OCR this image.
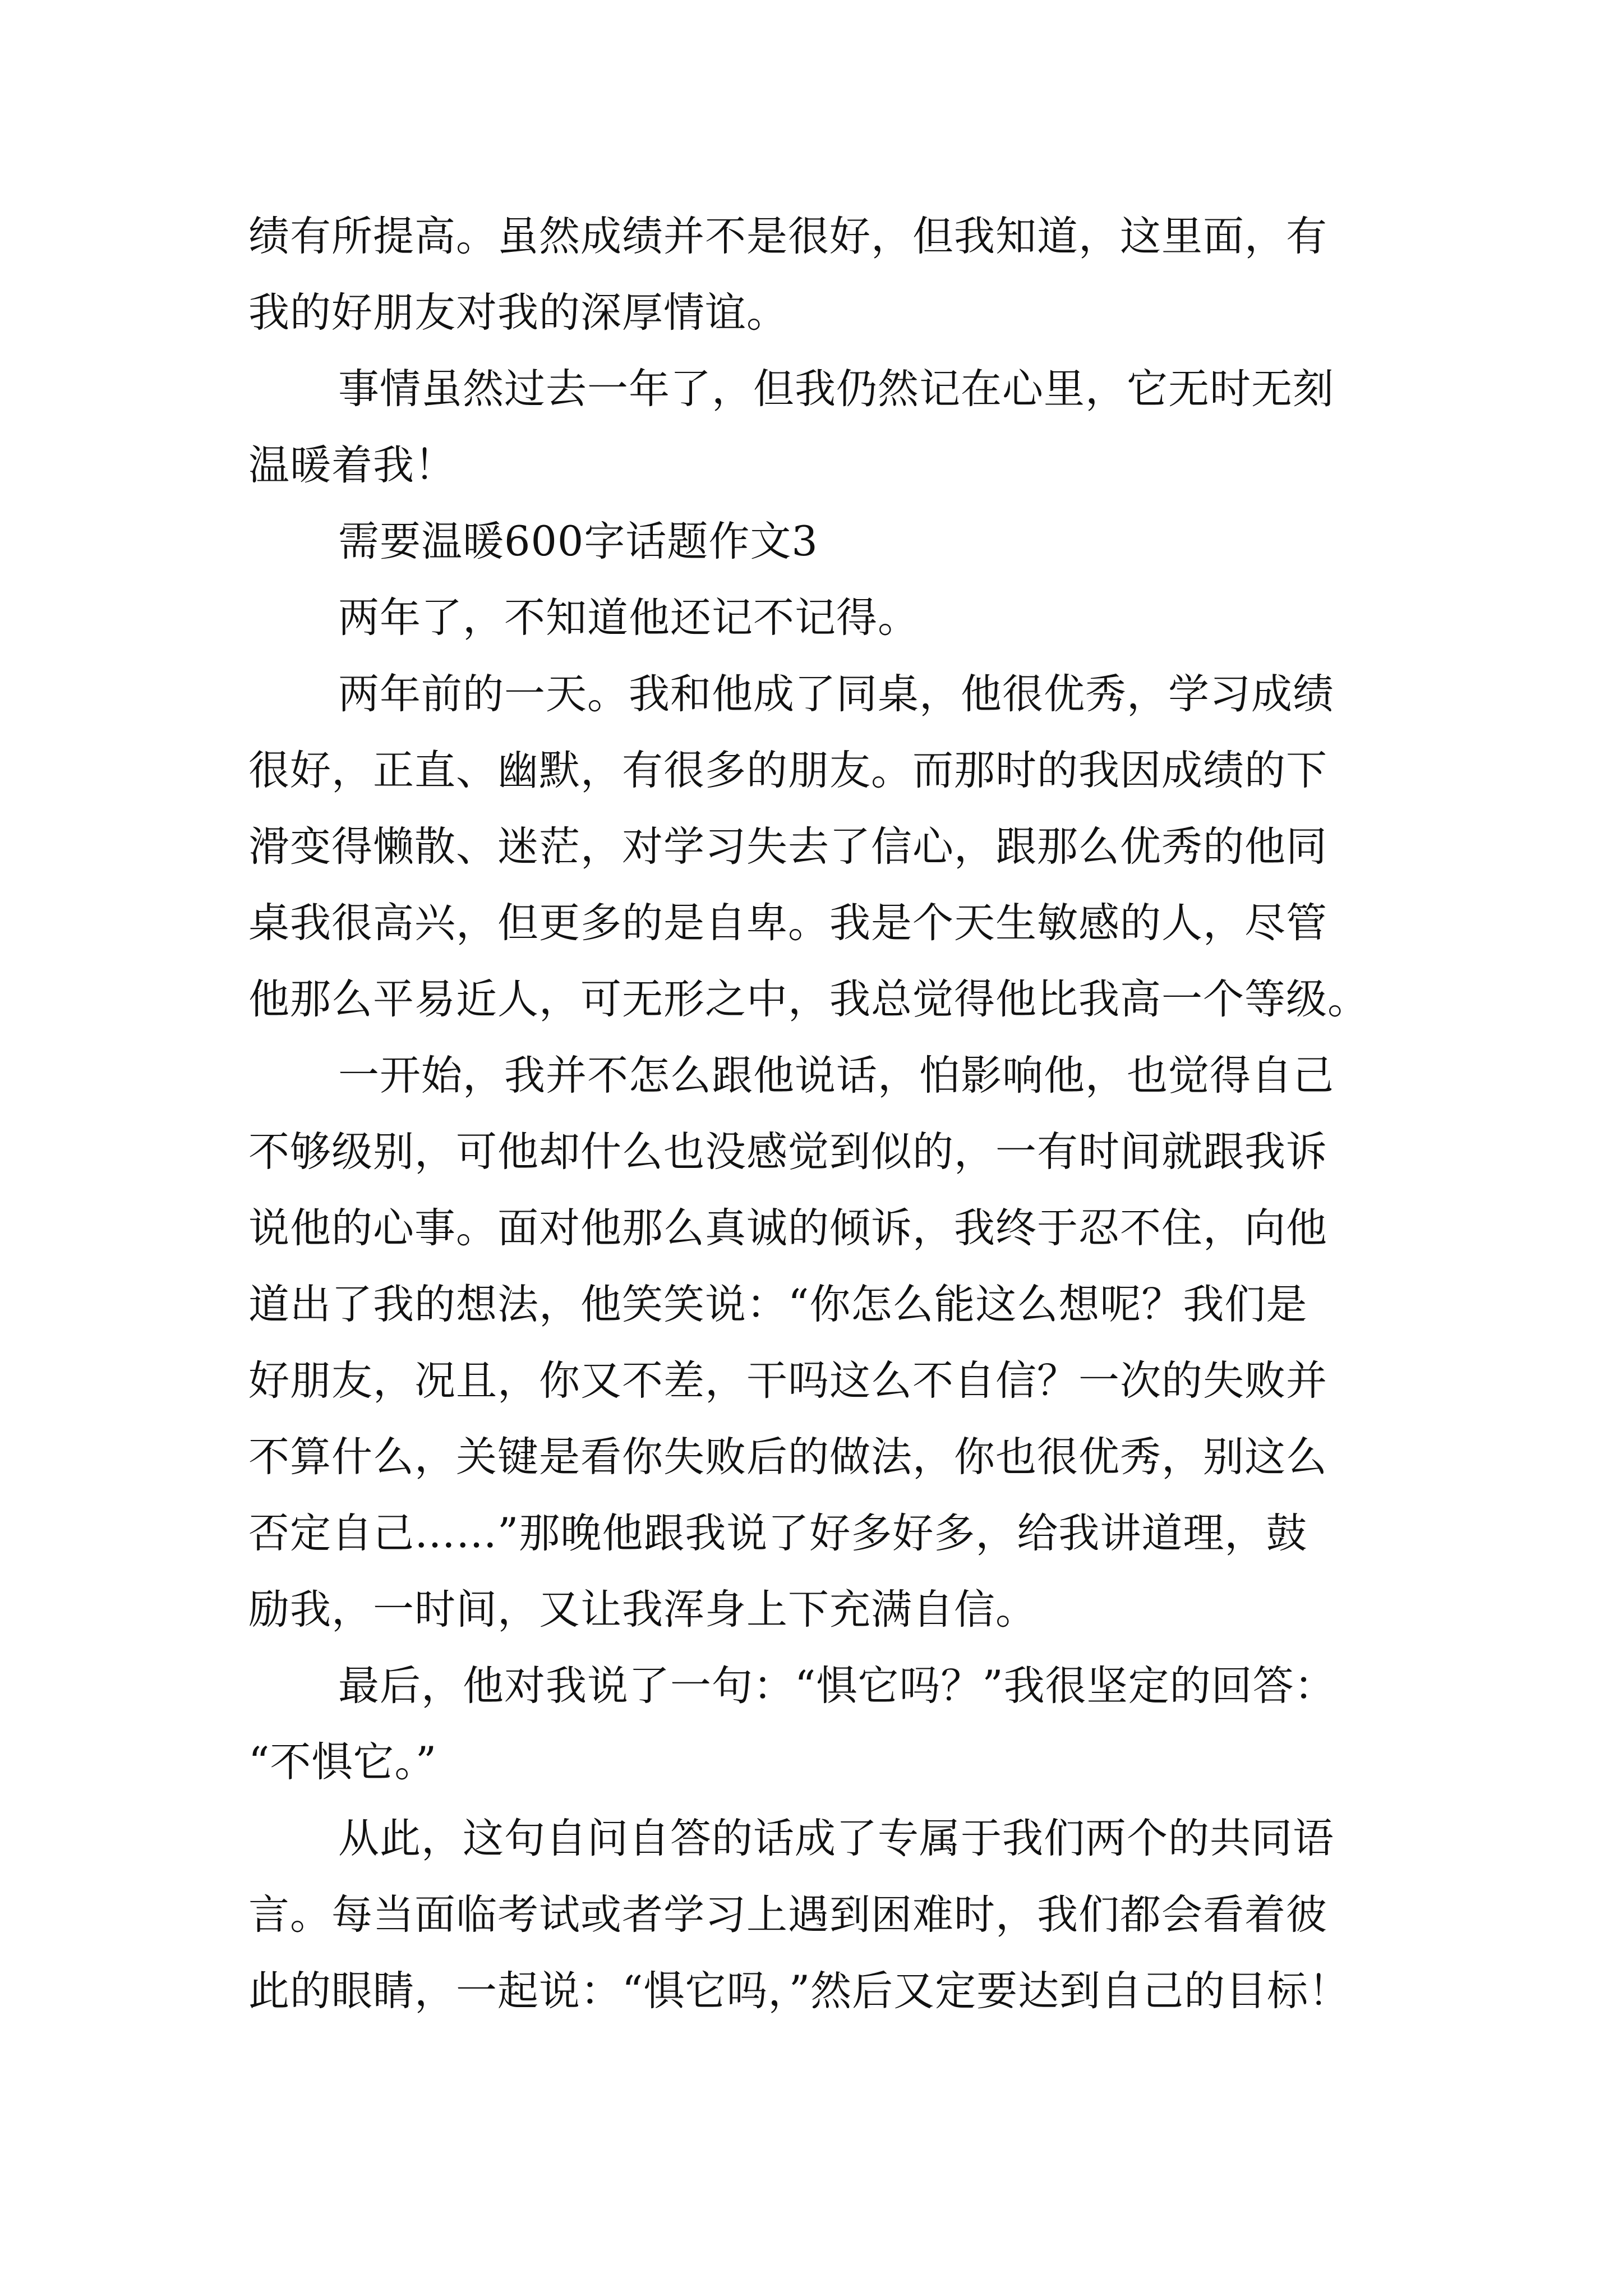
绩有所提高。虽然成绩并不是很好，但我知道，这里面，有
我的好朋友对我的深厚情谊。
事情虽然过去一年了，但我仍然记在心里，它无时无刻
温暖着我！
需要温暖600字话题作文3
两年了，不知道他还记不记得。
两年前的一天。我和他成了同桌，他很优秀，学习成绩
很好，正直、幽默，有很多的朋友。而那时的我因成绩的下
滑变得懒散、迷茫，对学习失去了信心，跟那么优秀的他同
桌我很高兴，但更多的是自卑。我是个天生敏感的人，尽管
他那么平易近人，可无形之中，我总觉得他比我高一个等级。
一开始，我并不怎么跟他说话，怕影响他，也觉得自己
不够级别，可他却什么也没感觉到似的，一有时间就跟我诉
说他的心事。面对他那么真诚的倾诉，我终于忍不住，向他
道出了我的想法，他笑笑说：“你怎么能这么想呢？我们是
好朋友，况且，你又不差，干吗这么不自信？一次的失败并
不算什么，关键是看你失败后的做法，你也很优秀，别这么
否定自己……”那晚他跟我说了好多好多，给我讲道理，鼓
励我，一时间，又让我浑身上下充满自信。
最后，他对我说了一句：“惧它吗？”我很坚定的回答：
“不惧它。”
从此，这句自问自答的话成了专属于我们两个的共同语
言。每当面临考试或者学习上遇到困难时，我们都会看着彼
此的眼睛，一起说：“惧它吗，”然后又定要达到自己的目标！
